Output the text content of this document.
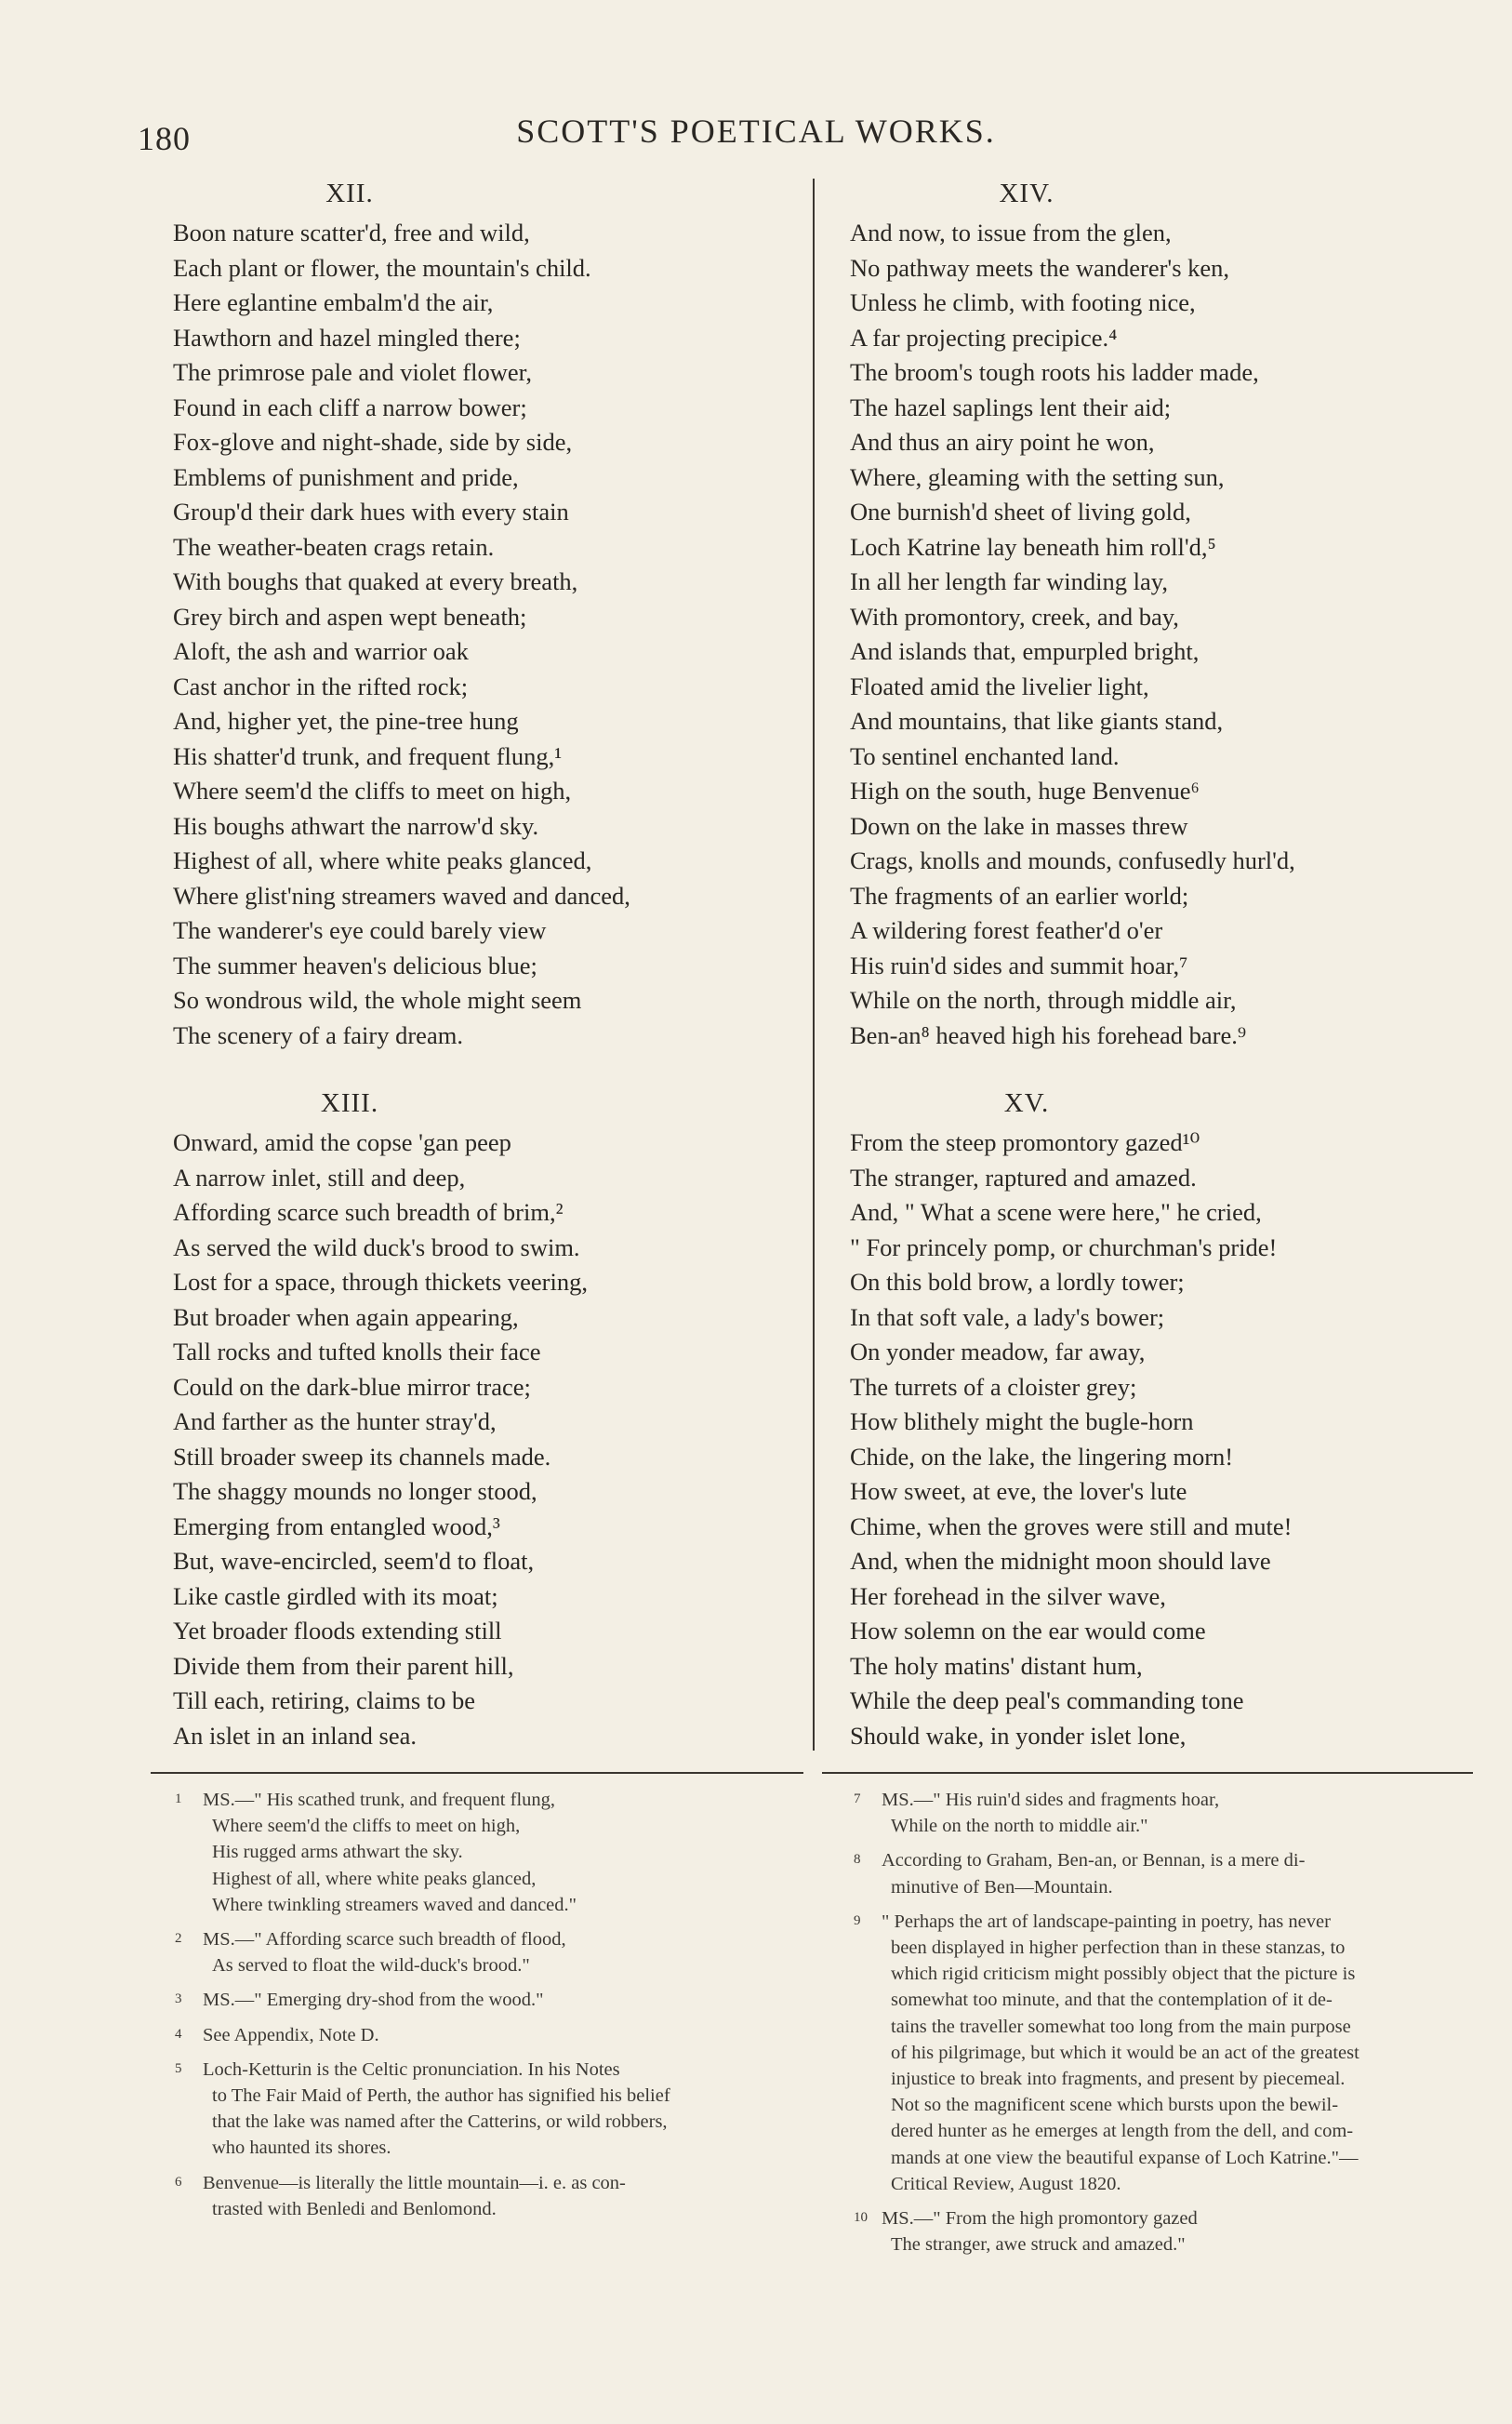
180	SCOTT'S POETICAL WORKS.
XII.
Boon nature scatter'd, free and wild,
Each plant or flower, the mountain's child.
Here eglantine embalm'd the air,
Hawthorn and hazel mingled there;
The primrose pale and violet flower,
Found in each cliff a narrow bower;
Fox-glove and night-shade, side by side,
Emblems of punishment and pride,
Group'd their dark hues with every stain
The weather-beaten crags retain.
With boughs that quaked at every breath,
Grey birch and aspen wept beneath;
Aloft, the ash and warrior oak
Cast anchor in the rifted rock;
And, higher yet, the pine-tree hung
His shatter'd trunk, and frequent flung,¹
Where seem'd the cliffs to meet on high,
His boughs athwart the narrow'd sky.
Highest of all, where white peaks glanced,
Where glist'ning streamers waved and danced,
The wanderer's eye could barely view
The summer heaven's delicious blue;
So wondrous wild, the whole might seem
The scenery of a fairy dream.
XIII.
Onward, amid the copse 'gan peep
A narrow inlet, still and deep,
Affording scarce such breadth of brim,²
As served the wild duck's brood to swim.
Lost for a space, through thickets veering,
But broader when again appearing,
Tall rocks and tufted knolls their face
Could on the dark-blue mirror trace;
And farther as the hunter stray'd,
Still broader sweep its channels made.
The shaggy mounds no longer stood,
Emerging from entangled wood,³
But, wave-encircled, seem'd to float,
Like castle girdled with its moat;
Yet broader floods extending still
Divide them from their parent hill,
Till each, retiring, claims to be
An islet in an inland sea.
XIV.
And now, to issue from the glen,
No pathway meets the wanderer's ken,
Unless he climb, with footing nice,
A far projecting precipice.⁴
The broom's tough roots his ladder made,
The hazel saplings lent their aid;
And thus an airy point he won,
Where, gleaming with the setting sun,
One burnish'd sheet of living gold,
Loch Katrine lay beneath him roll'd,⁵
In all her length far winding lay,
With promontory, creek, and bay,
And islands that, empurpled bright,
Floated amid the livelier light,
And mountains, that like giants stand,
To sentinel enchanted land.
High on the south, huge Benvenue⁶
Down on the lake in masses threw
Crags, knolls and mounds, confusedly hurl'd,
The fragments of an earlier world;
A wildering forest feather'd o'er
His ruin'd sides and summit hoar,⁷
While on the north, through middle air,
Ben-an⁸ heaved high his forehead bare.⁹
XV.
From the steep promontory gazed¹⁰
The stranger, raptured and amazed.
And, " What a scene were here," he cried,
" For princely pomp, or churchman's pride!
On this bold brow, a lordly tower;
In that soft vale, a lady's bower;
On yonder meadow, far away,
The turrets of a cloister grey;
How blithely might the bugle-horn
Chide, on the lake, the lingering morn!
How sweet, at eve, the lover's lute
Chime, when the groves were still and mute!
And, when the midnight moon should lave
Her forehead in the silver wave,
How solemn on the ear would come
The holy matins' distant hum,
While the deep peal's commanding tone
Should wake, in yonder islet lone,
1 MS.—" His scathed trunk, and frequent flung,
Where seem'd the cliffs to meet on high,
His rugged arms athwart the sky.
Highest of all, where white peaks glanced,
Where twinkling streamers waved and danced."
2 MS.—" Affording scarce such breadth of flood,
As served to float the wild-duck's brood."
3 MS.—" Emerging dry-shod from the wood."
4 See Appendix, Note D.
5 Loch-Ketturin is the Celtic pronunciation. In his Notes
to The Fair Maid of Perth, the author has signified his belief
that the lake was named after the Catterins, or wild robbers,
who haunted its shores.
6 Benvenue—is literally the little mountain—i. e. as con-
trasted with Benledi and Benlomond.
7 MS.—" His ruin'd sides and fragments hoar,
While on the north to middle air."
8 According to Graham, Ben-an, or Bennan, is a mere di-
minutive of Ben—Mountain.
9 " Perhaps the art of landscape-painting in poetry, has never
been displayed in higher perfection than in these stanzas, to
which rigid criticism might possibly object that the picture is
somewhat too minute, and that the contemplation of it de-
tains the traveller somewhat too long from the main purpose
of his pilgrimage, but which it would be an act of the greatest
injustice to break into fragments, and present by piecemeal.
Not so the magnificent scene which bursts upon the bewil-
dered hunter as he emerges at length from the dell, and com-
mands at one view the beautiful expanse of Loch Katrine."—
Critical Review, August 1820.
10 MS.—" From the high promontory gazed
The stranger, awe struck and amazed."
